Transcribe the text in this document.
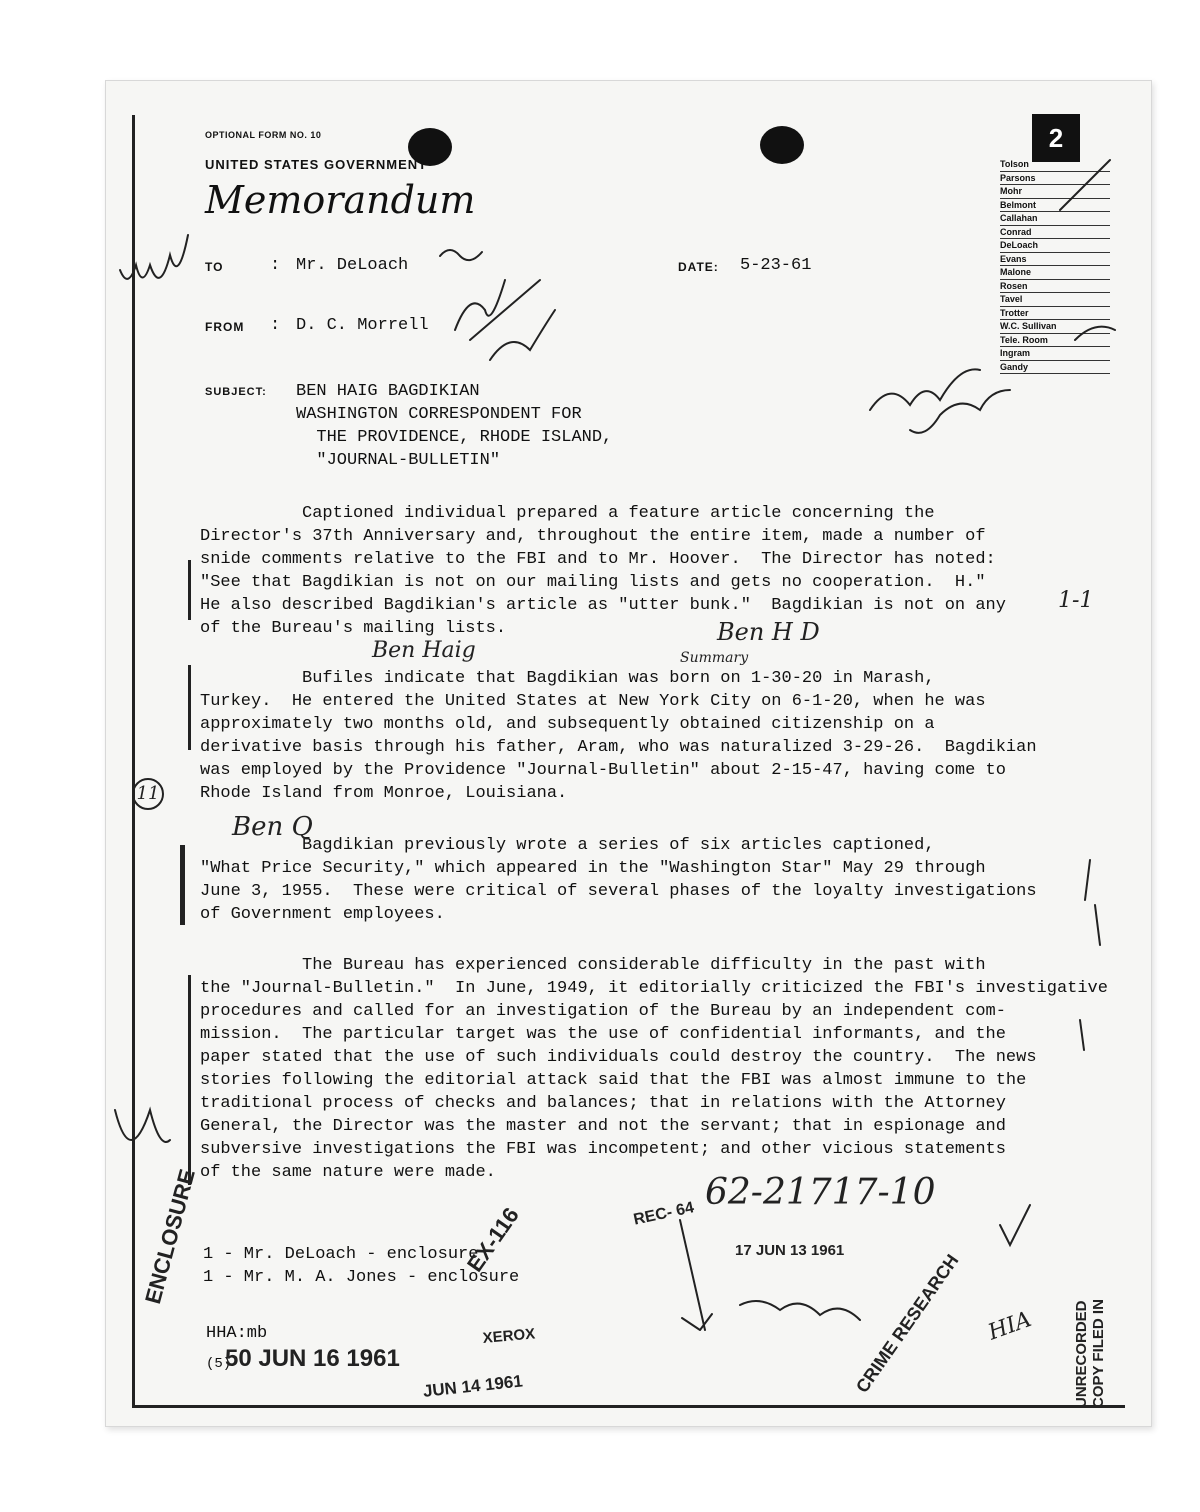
2
OPTIONAL FORM NO. 10
UNITED STATES GOVERNMENT
Memorandum
Tolson
Parsons
Mohr
Belmont
Callahan
Conrad
DeLoach
Evans
Malone
Rosen
Tavel
Trotter
W.C. Sullivan
Tele. Room
Ingram
Gandy
TO	: Mr. DeLoach	DATE: 5-23-61
FROM : D. C. Morrell
SUBJECT: BEN HAIG BAGDIKIAN
WASHINGTON CORRESPONDENT FOR
THE PROVIDENCE, RHODE ISLAND,
"JOURNAL-BULLETIN"
Captioned individual prepared a feature article concerning the
Director's 37th Anniversary and, throughout the entire item, made a number of
snide comments relative to the FBI and to Mr. Hoover.  The Director has noted:
"See that Bagdikian is not on our mailing lists and gets no cooperation.  H."
He also described Bagdikian's article as "utter bunk."  Bagdikian is not on any
of the Bureau's mailing lists.
Bufiles indicate that Bagdikian was born on 1-30-20 in Marash,
Turkey.  He entered the United States at New York City on 6-1-20, when he was
approximately two months old, and subsequently obtained citizenship on a
derivative basis through his father, Aram, who was naturalized 3-29-26.  Bagdikian
was employed by the Providence "Journal-Bulletin" about 2-15-47, having come to
Rhode Island from Monroe, Louisiana.
Bagdikian previously wrote a series of six articles captioned,
"What Price Security," which appeared in the "Washington Star" May 29 through
June 3, 1955.  These were critical of several phases of the loyalty investigations
of Government employees.
The Bureau has experienced considerable difficulty in the past with
the "Journal-Bulletin."  In June, 1949, it editorially criticized the FBI's investigative
procedures and called for an investigation of the Bureau by an independent com-
mission.  The particular target was the use of confidential informants, and the
paper stated that the use of such individuals could destroy the country.  The news
stories following the editorial attack said that the FBI was almost immune to the
traditional process of checks and balances; that in relations with the Attorney
General, the Director was the master and not the servant; that in espionage and
subversive investigations the FBI was incompetent; and other vicious statements
of the same nature were made.
1 - Mr. DeLoach - enclosure
1 - Mr. M. A. Jones - enclosure
HHA:mb
(5)
ENCLOSURE	EX-116	REC- 64
62-21717-10
17 JUN 13 1961
50 JUN 16 1961
XEROX
JUN 14 1961	CRIME RESEARCH	UNRECORDED COPY FILED IN
Ben Haig
Ben H D
Summary
Ben Q
11
1-1
HIA
